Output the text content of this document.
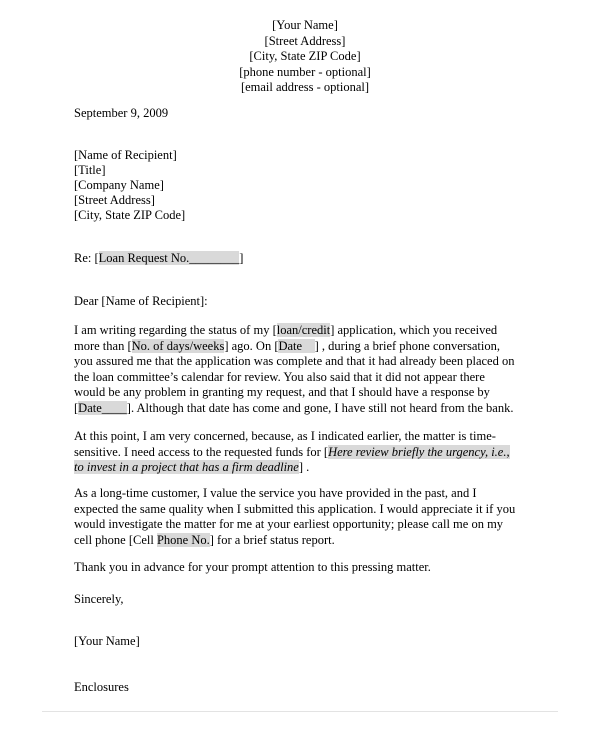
[Your Name]
[Street Address]
[City, State ZIP Code]
[phone number - optional]
[email address - optional]
September 9, 2009
[Name of Recipient]
[Title]
[Company Name]
[Street Address]
[City, State ZIP Code]
Re: [Loan Request No.________]
Dear [Name of Recipient]:
I am writing regarding the status of my [loan/credit] application, which you received
more than [No. of days/weeks] ago. On [Date    ] , during a brief phone conversation,
you assured me that the application was complete and that it had already been placed on
the loan committee’s calendar for review. You also said that it did not appear there
would be any problem in granting my request, and that I should have a response by
[Date____]. Although that date has come and gone, I have still not heard from the bank.
At this point, I am very concerned, because, as I indicated earlier, the matter is time-
sensitive. I need access to the requested funds for [Here review briefly the urgency, i.e.,
to invest in a project that has a firm deadline] .
As a long-time customer, I value the service you have provided in the past, and I
expected the same quality when I submitted this application. I would appreciate it if you
would investigate the matter for me at your earliest opportunity; please call me on my
cell phone [Cell Phone No.] for a brief status report.
Thank you in advance for your prompt attention to this pressing matter.
Sincerely,
[Your Name]
Enclosures
